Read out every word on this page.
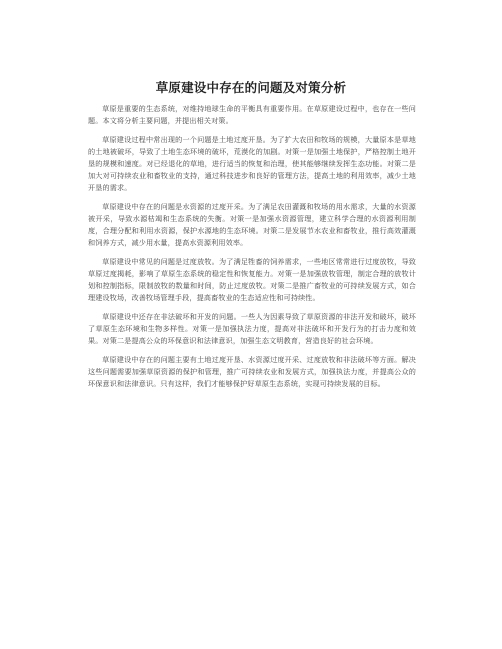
草原建设中存在的问题及对策分析

草原是重要的生态系统，对维持地球生命的平衡具有重要作用。在草原建设过程中，也存在一些问题。本文将分析主要问题，并提出相关对策。

草原建设过程中常出现的一个问题是土地过度开垦。为了扩大农田和牧场的规模，大量原本是草地的土地被破坏，导致了土地生态环境的破坏，荒漠化的加剧。对策一是加强土地保护，严格控制土地开垦的规模和速度。对已经退化的草地，进行适当的恢复和治理，使其能够继续发挥生态功能。对策二是加大对可持续农业和畜牧业的支持，通过科技进步和良好的管理方法，提高土地的利用效率，减少土地开垦的需求。

草原建设中存在的问题是水资源的过度开采。为了满足农田灌溉和牧场的用水需求，大量的水资源被开采，导致水源枯竭和生态系统的失衡。对策一是加强水资源管理，建立科学合理的水资源利用制度，合理分配和利用水资源，保护水源地的生态环境。对策二是发展节水农业和畜牧业，推行高效灌溉和饲养方式，减少用水量，提高水资源利用效率。

草原建设中常见的问题是过度放牧。为了满足牲畜的饲养需求，一些地区常常进行过度放牧，导致草原过度揭耗，影响了草原生态系统的稳定性和恢复能力。对策一是加强放牧管理，制定合理的放牧计划和控制指标，限制放牧的数量和时间，防止过度放牧。对策二是推广畜牧业的可持续发展方式，如合理建设牧场，改善牧场管理手段，提高畜牧业的生态适应性和可持续性。

草原建设中还存在非法破坏和开发的问题。一些人为因素导致了草原资源的非法开发和破坏，破坏了草原生态环境和生物多样性。对策一是加强执法力度，提高对非法破坏和开发行为的打击力度和效果。对策二是提高公众的环保意识和法律意识，加强生态文明教育，营造良好的社会环境。

草原建设中存在的问题主要有土地过度开垦、水资源过度开采、过度放牧和非法破坏等方面。解决这些问题需要加强草原资源的保护和管理，推广可持续农业和发展方式，加强执法力度，并提高公众的环保意识和法律意识。只有这样，我们才能够保护好草原生态系统，实现可持续发展的目标。
